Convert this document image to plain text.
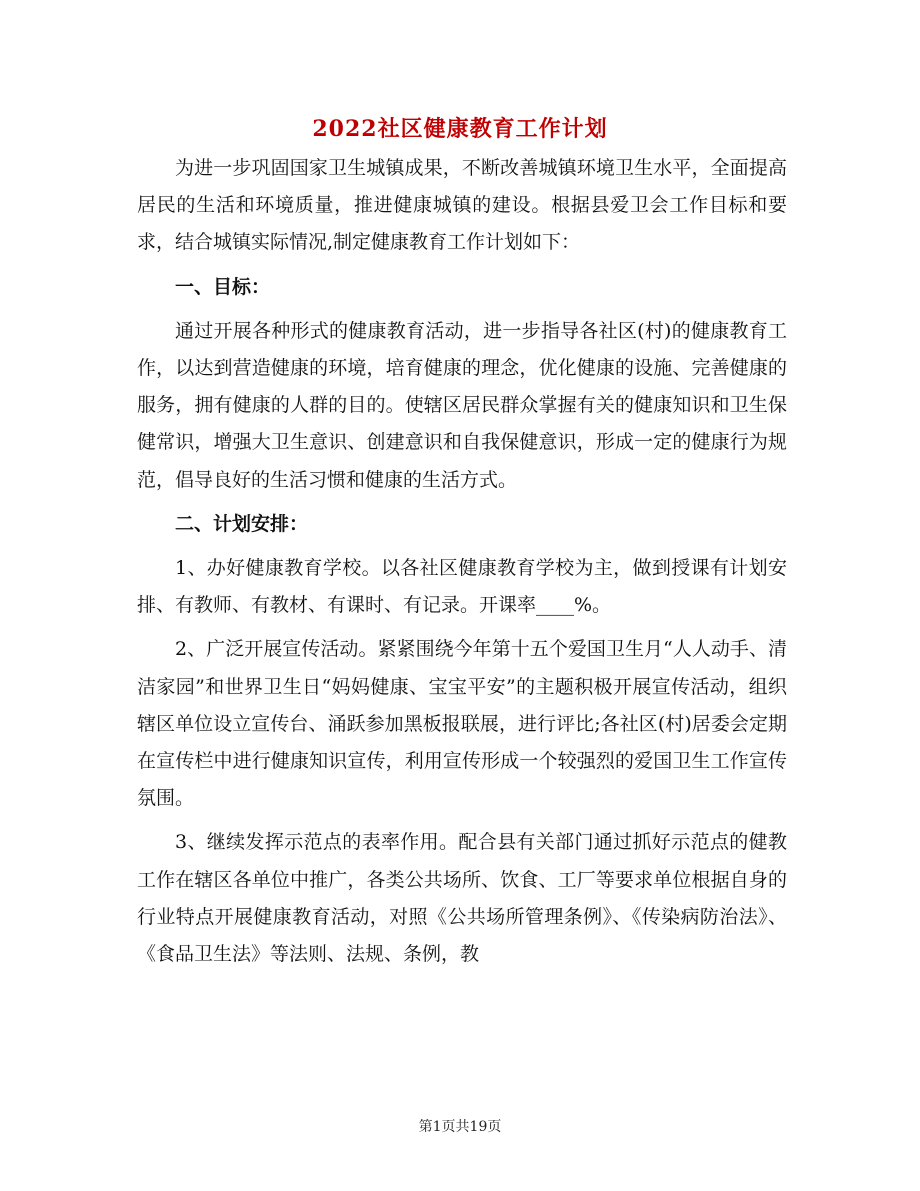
2022社区健康教育工作计划

为进一步巩固国家卫生城镇成果，不断改善城镇环境卫生水平，全面提高居民的生活和环境质量，推进健康城镇的建设。根据县爱卫会工作目标和要求，结合城镇实际情况,制定健康教育工作计划如下：

一、目标：

通过开展各种形式的健康教育活动，进一步指导各社区(村)的健康教育工作，以达到营造健康的环境，培育健康的理念，优化健康的设施、完善健康的服务，拥有健康的人群的目的。使辖区居民群众掌握有关的健康知识和卫生保健常识，增强大卫生意识、创建意识和自我保健意识，形成一定的健康行为规范，倡导良好的生活习惯和健康的生活方式。

二、计划安排：

1、办好健康教育学校。以各社区健康教育学校为主，做到授课有计划安排、有教师、有教材、有课时、有记录。开课率____%。

2、广泛开展宣传活动。紧紧围绕今年第十五个爱国卫生月“人人动手、清洁家园”和世界卫生日“妈妈健康、宝宝平安”的主题积极开展宣传活动，组织辖区单位设立宣传台、涌跃参加黑板报联展，进行评比;各社区(村)居委会定期在宣传栏中进行健康知识宣传，利用宣传形成一个较强烈的爱国卫生工作宣传氛围。

3、继续发挥示范点的表率作用。配合县有关部门通过抓好示范点的健教工作在辖区各单位中推广，各类公共场所、饮食、工厂等要求单位根据自身的行业特点开展健康教育活动，对照《公共场所管理条例》、《传染病防治法》、《食品卫生法》等法则、法规、条例，教

第1页共19页
